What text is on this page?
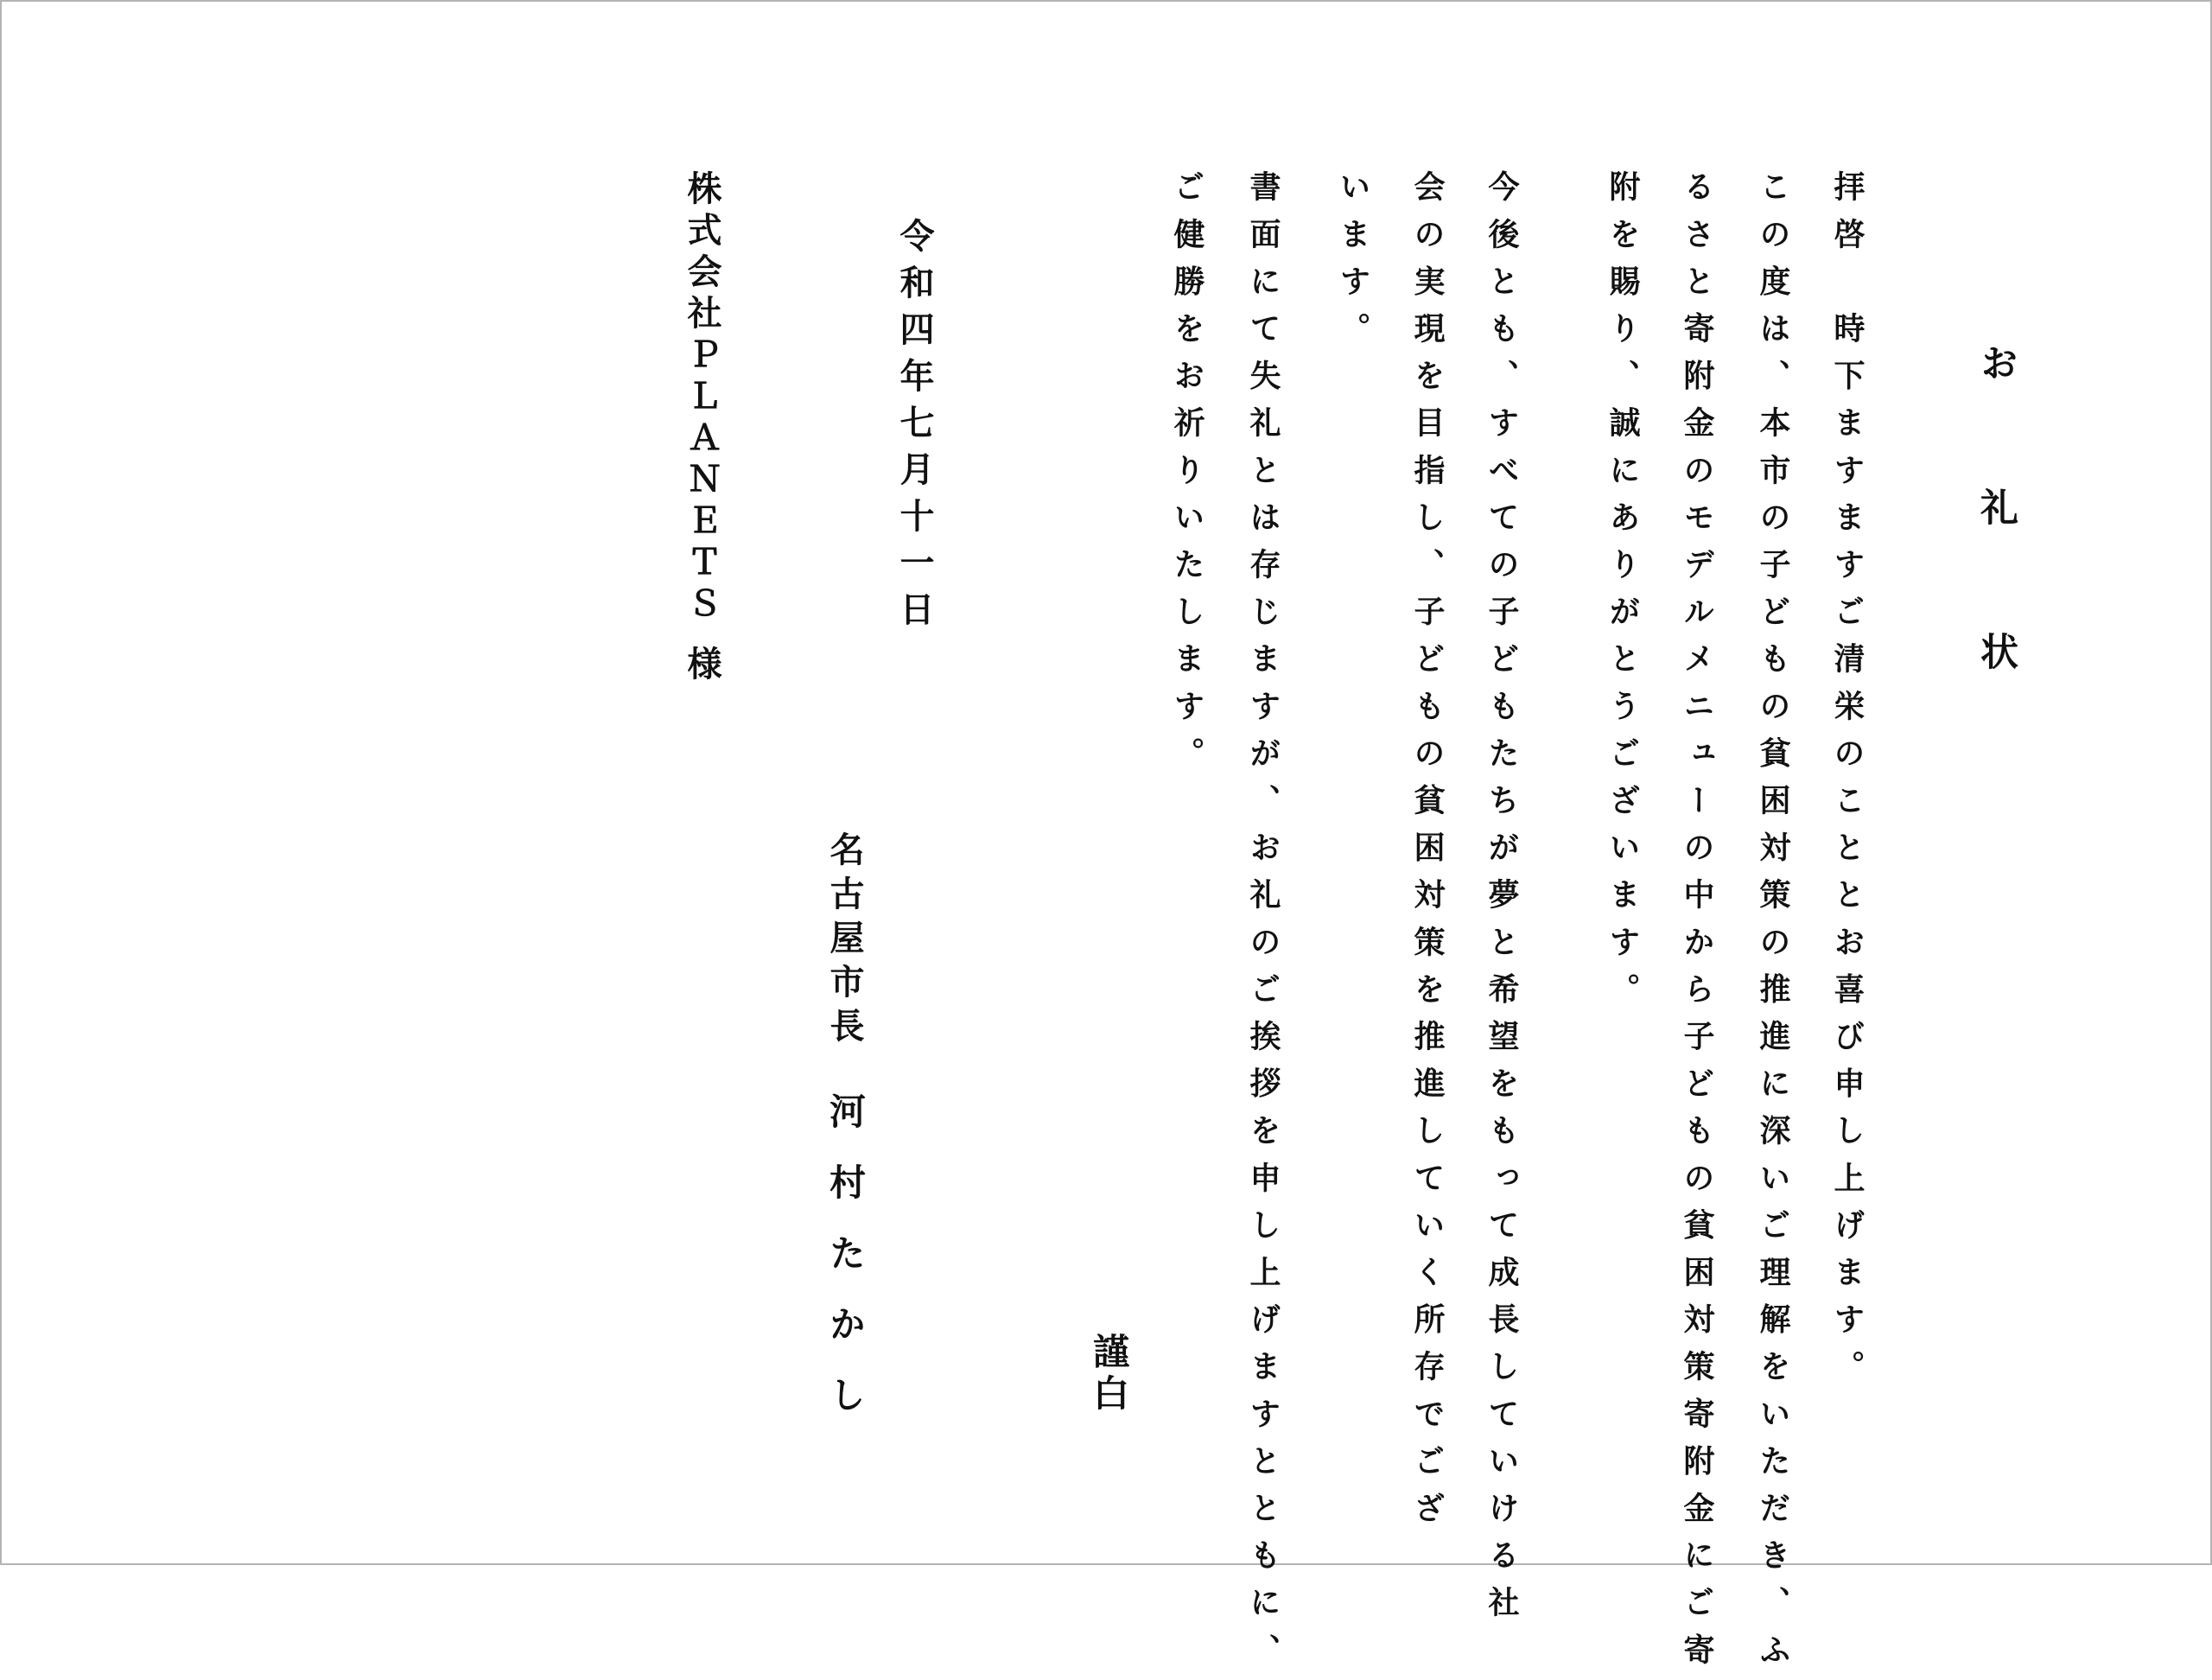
お 礼 状
拝啓　時下ますますご清栄のこととお喜び申し上げます。
この度は、本市の子どもの貧困対策の推進に深いご理解をいただき、ふ
るさと寄附金のモデルメニューの中から子どもの貧困対策寄附金にご寄
附を賜り、誠にありがとうございます。
今後とも、すべての子どもたちが夢と希望をもって成長していける社
会の実現を目指し、子どもの貧困対策を推進していく所存でござ
います。
書面にて失礼とは存じますが、お礼のご挨拶を申し上げますとともに、
ご健勝をお祈りいたします。
謹白
名古屋市長
河村たかし
令和四年七月十一日
株式会社ＰＬＡＮＥＴＳ
様
